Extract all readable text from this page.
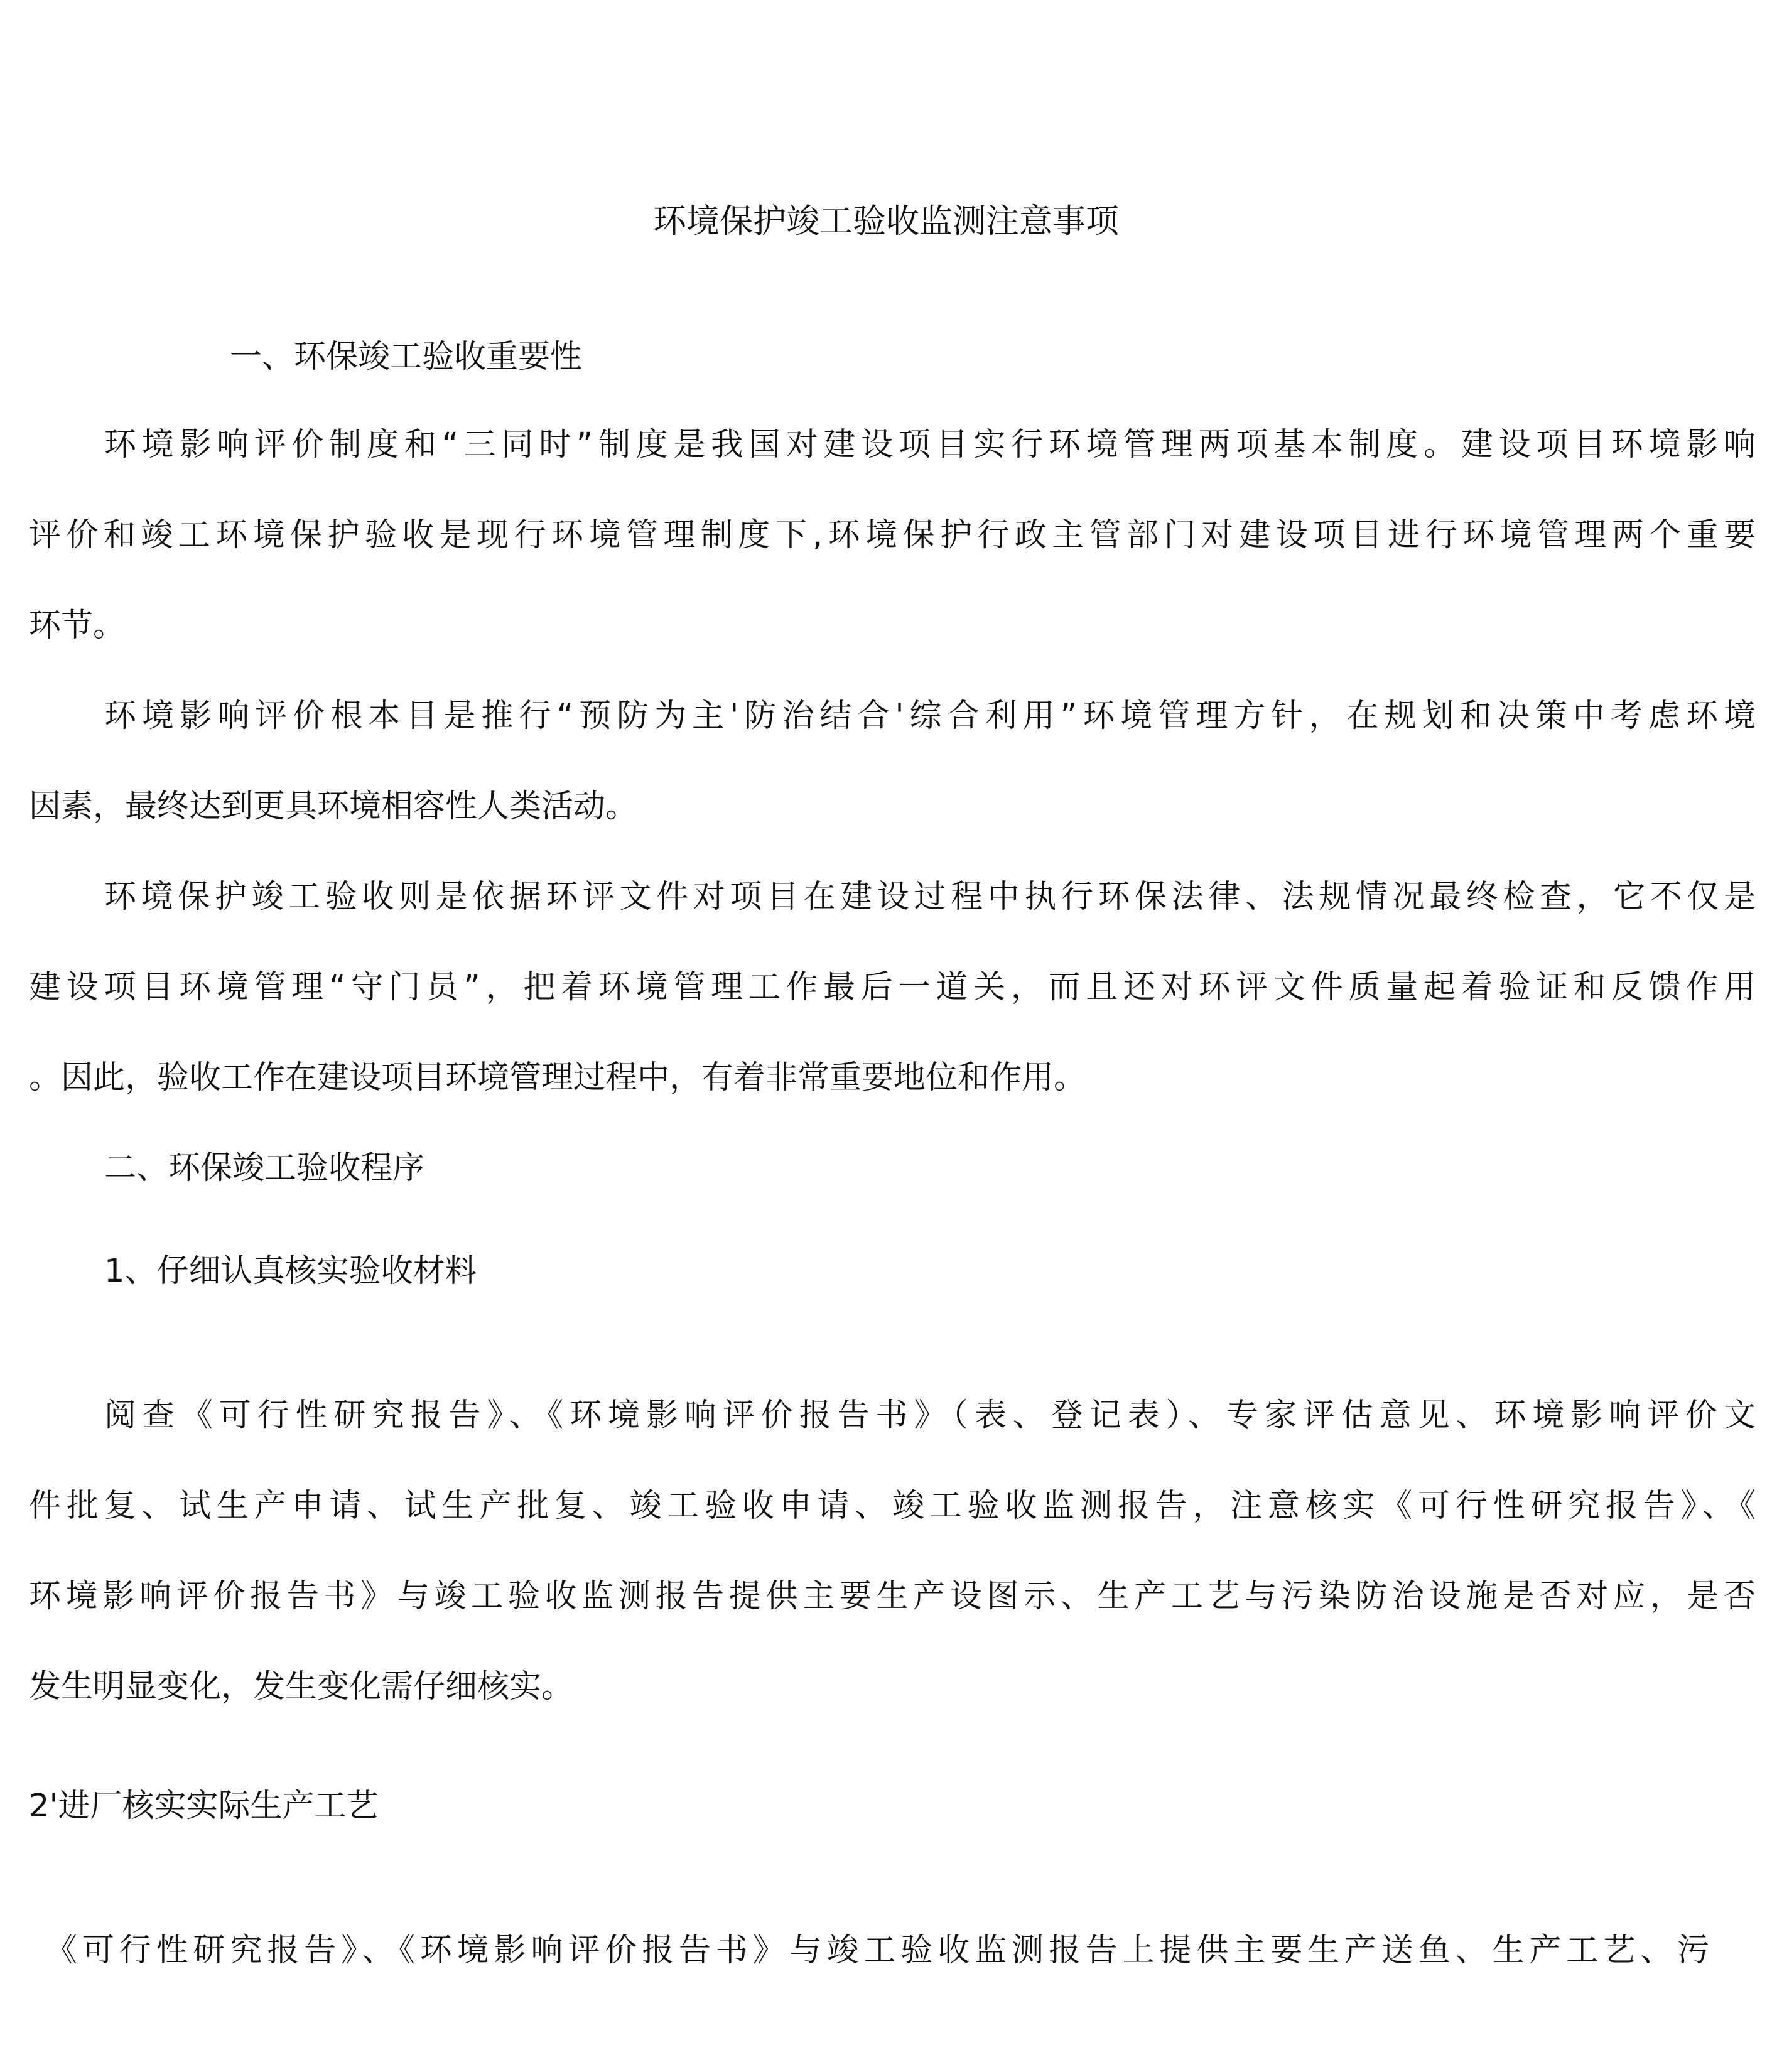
环境保护竣工验收监测注意事项
一、环保竣工验收重要性
环境影响评价制度和“三同时”制度是我国对建设项目实行环境管理两项基本制度。建设项目环境影响
评价和竣工环境保护验收是现行环境管理制度下,环境保护行政主管部门对建设项目进行环境管理两个重要
环节。
环境影响评价根本目是推行“预防为主'防治结合'综合利用”环境管理方针，在规划和决策中考虑环境
因素，最终达到更具环境相容性人类活动。
环境保护竣工验收则是依据环评文件对项目在建设过程中执行环保法律、法规情况最终检查，它不仅是
建设项目环境管理“守门员”，把着环境管理工作最后一道关，而且还对环评文件质量起着验证和反馈作用
。因此，验收工作在建设项目环境管理过程中，有着非常重要地位和作用。
二、环保竣工验收程序
1、仔细认真核实验收材料
阅查《可行性研究报告》、《环境影响评价报告书》（表、登记表）、专家评估意见、环境影响评价文
件批复、试生产申请、试生产批复、竣工验收申请、竣工验收监测报告，注意核实《可行性研究报告》、《
环境影响评价报告书》与竣工验收监测报告提供主要生产设图示、生产工艺与污染防治设施是否对应，是否
发生明显变化，发生变化需仔细核实。
2'进厂核实实际生产工艺
《可行性研究报告》、《环境影响评价报告书》与竣工验收监测报告上提供主要生产送鱼、生产工艺、污
